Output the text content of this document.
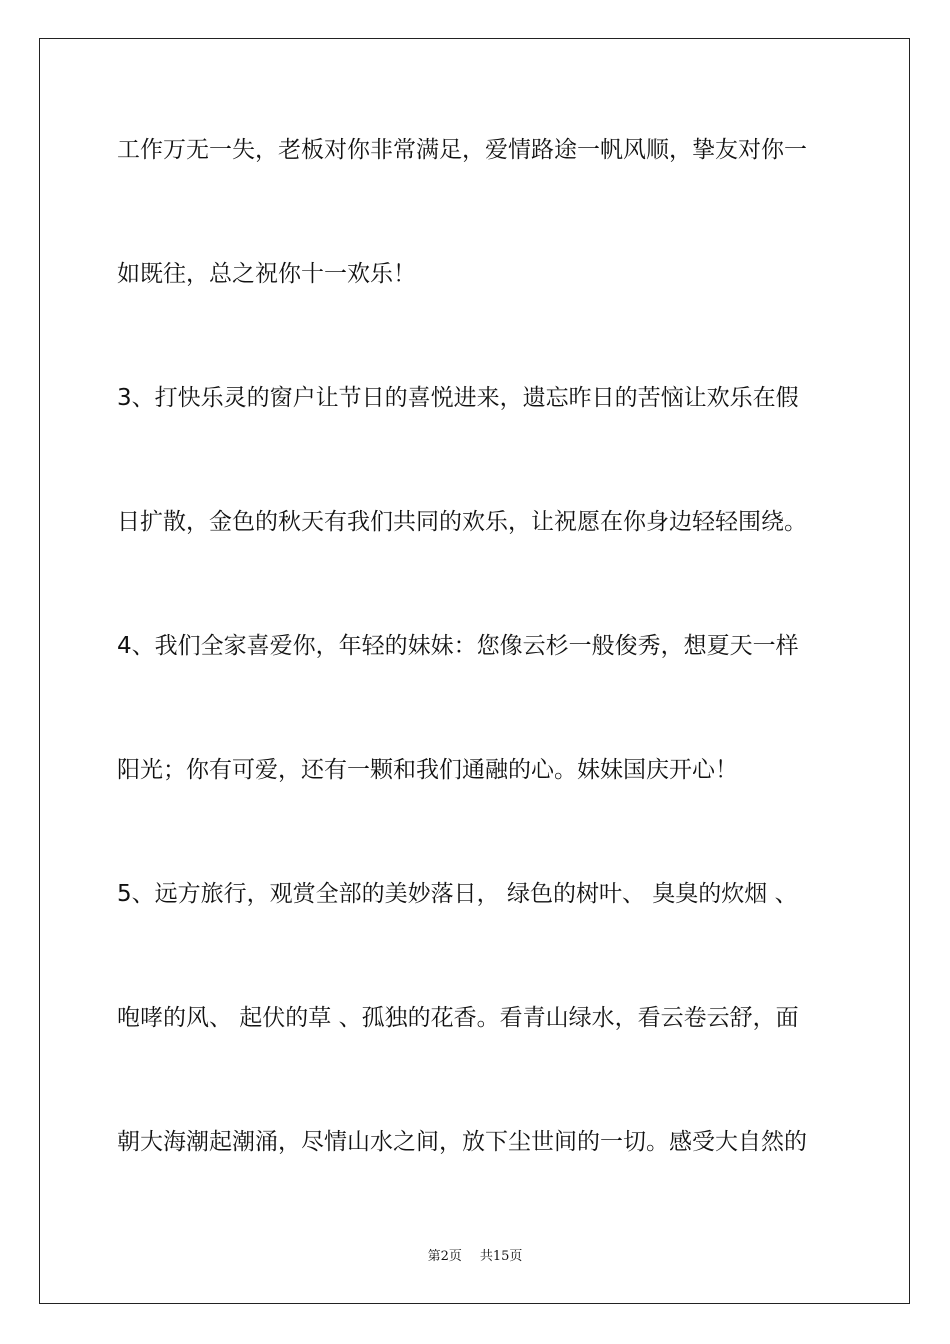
工作万无一失，老板对你非常满足，爱情路途一帆风顺，挚友对你一
如既往，总之祝你十一欢乐！
3、打快乐灵的窗户让节日的喜悦进来，遗忘昨日的苦恼让欢乐在假
日扩散，金色的秋天有我们共同的欢乐，让祝愿在你身边轻轻围绕。
4、我们全家喜爱你，年轻的妹妹：您像云杉一般俊秀，想夏天一样
阳光；你有可爱，还有一颗和我们通融的心。妹妹国庆开心！
5、远方旅行，观赏全部的美妙落日， 绿色的树叶、 臭臭的炊烟 、
咆哮的风、 起伏的草 、孤独的花香。看青山绿水，看云卷云舒，面
朝大海潮起潮涌，尽情山水之间，放下尘世间的一切。感受大自然的
第2页 共15页
